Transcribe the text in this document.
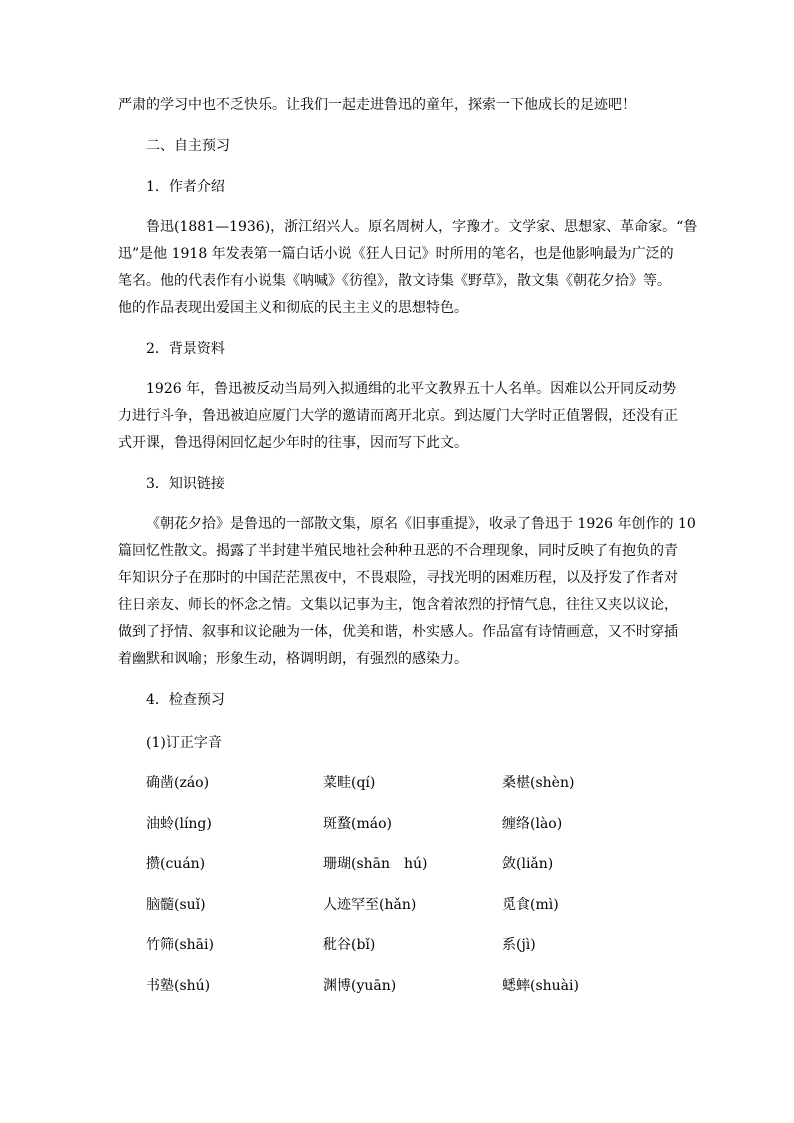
严肃的学习中也不乏快乐。让我们一起走进鲁迅的童年，探索一下他成长的足迹吧！
二、自主预习
1．作者介绍
鲁迅(1881—1936)，浙江绍兴人。原名周树人，字豫才。文学家、思想家、革命家。“鲁
迅”是他 1918 年发表第一篇白话小说《狂人日记》时所用的笔名，也是他影响最为广泛的
笔名。他的代表作有小说集《呐喊》《彷徨》，散文诗集《野草》，散文集《朝花夕拾》等。
他的作品表现出爱国主义和彻底的民主主义的思想特色。
2．背景资料
1926 年，鲁迅被反动当局列入拟通缉的北平文教界五十人名单。因难以公开同反动势
力进行斗争，鲁迅被迫应厦门大学的邀请而离开北京。到达厦门大学时正值署假，还没有正
式开课，鲁迅得闲回忆起少年时的往事，因而写下此文。
3．知识链接
《朝花夕拾》是鲁迅的一部散文集，原名《旧事重提》，收录了鲁迅于 1926 年创作的 10
篇回忆性散文。揭露了半封建半殖民地社会种种丑恶的不合理现象，同时反映了有抱负的青
年知识分子在那时的中国茫茫黑夜中，不畏艰险，寻找光明的困难历程，以及抒发了作者对
往日亲友、师长的怀念之情。文集以记事为主，饱含着浓烈的抒情气息，往往又夹以议论，
做到了抒情、叙事和议论融为一体，优美和谐，朴实感人。作品富有诗情画意，又不时穿插
着幽默和讽喻；形象生动，格调明朗，有强烈的感染力。
4．检查预习
(1)订正字音
确凿(záo)	菜畦(qí)	桑椹(shèn)
油蛉(líng)	斑蝥(máo)	缠络(lào)
攒(cuán)	珊瑚(shān　hú)	敛(liǎn)
脑髓(suǐ)	人迹罕至(hǎn)	觅食(mì)
竹筛(shāi)	秕谷(bǐ)	系(jì)
书塾(shú)	渊博(yuān)	蟋蟀(shuài)
